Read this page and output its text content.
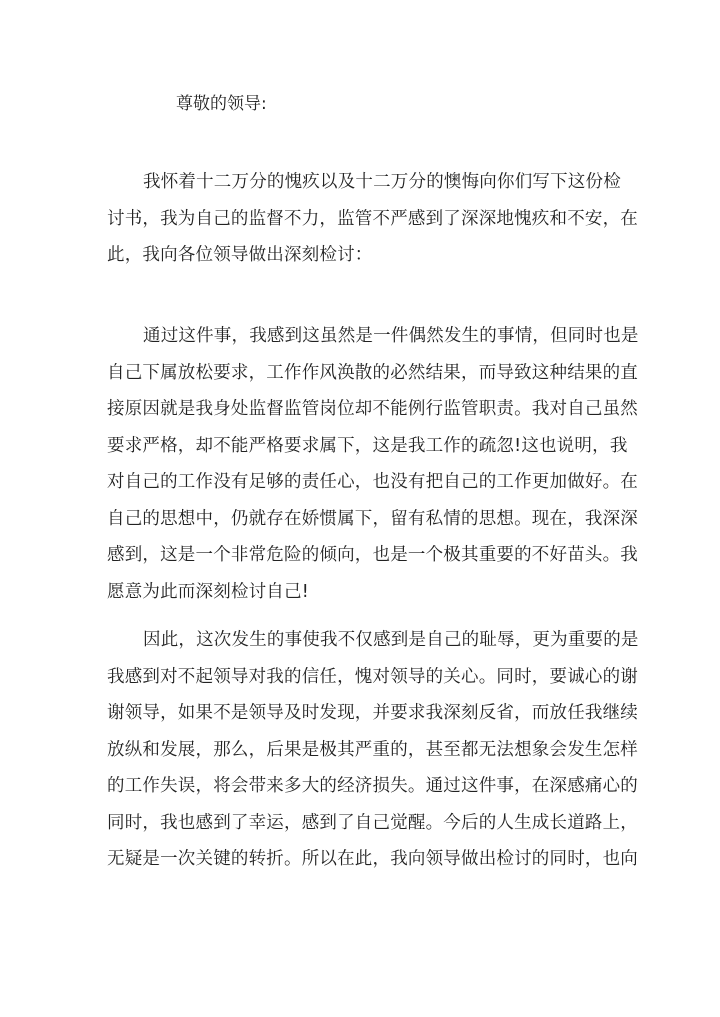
尊敬的领导:
我怀着十二万分的愧疚以及十二万分的懊悔向你们写下这份检
讨书，我为自己的监督不力，监管不严感到了深深地愧疚和不安，在
此，我向各位领导做出深刻检讨：
通过这件事，我感到这虽然是一件偶然发生的事情，但同时也是
自己下属放松要求，工作作风涣散的必然结果，而导致这种结果的直
接原因就是我身处监督监管岗位却不能例行监管职责。我对自己虽然
要求严格，却不能严格要求属下，这是我工作的疏忽!这也说明，我
对自己的工作没有足够的责任心，也没有把自己的工作更加做好。在
自己的思想中，仍就存在娇惯属下，留有私情的思想。现在，我深深
感到，这是一个非常危险的倾向，也是一个极其重要的不好苗头。我
愿意为此而深刻检讨自己!
因此，这次发生的事使我不仅感到是自己的耻辱，更为重要的是
我感到对不起领导对我的信任，愧对领导的关心。同时，要诚心的谢
谢领导，如果不是领导及时发现，并要求我深刻反省，而放任我继续
放纵和发展，那么，后果是极其严重的，甚至都无法想象会发生怎样
的工作失误，将会带来多大的经济损失。通过这件事，在深感痛心的
同时，我也感到了幸运，感到了自己觉醒。今后的人生成长道路上，
无疑是一次关键的转折。所以在此，我向领导做出检讨的同时，也向
